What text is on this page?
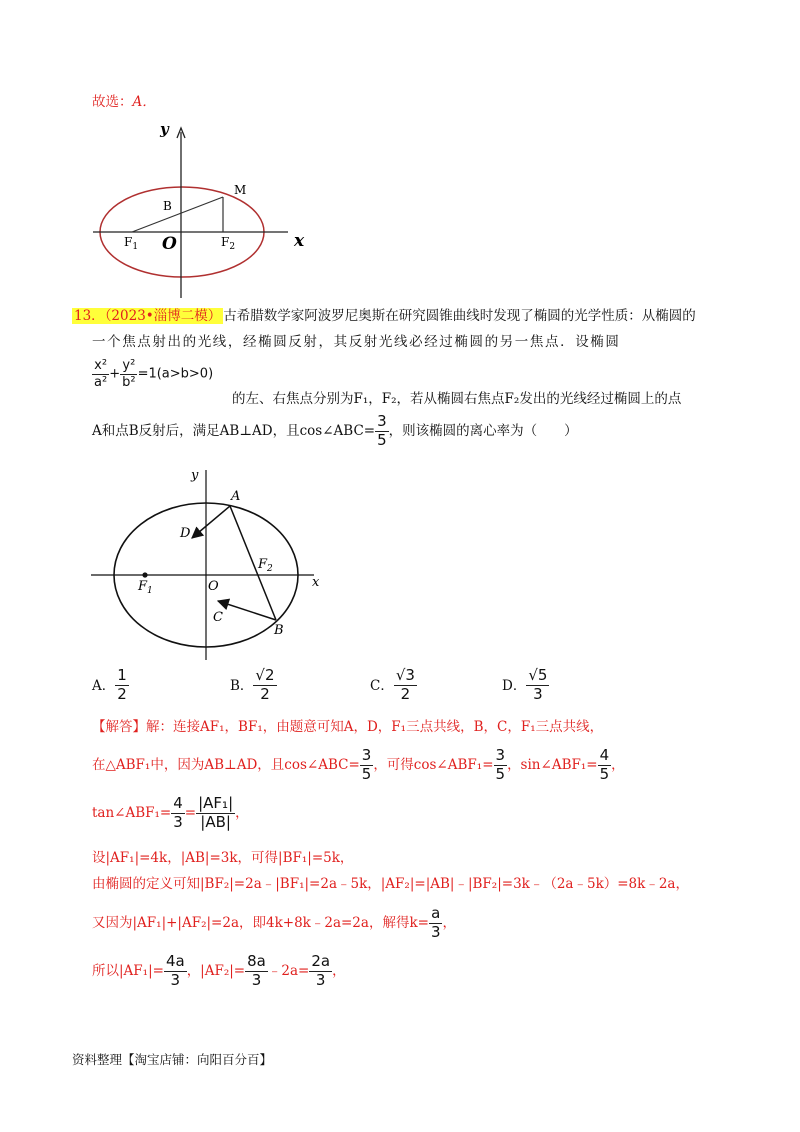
故选：A．
y
x
M
B
$F_1$ O	$F_2$
13．（2023•淄博二模） 古希腊数学家阿波罗尼奥斯在研究圆锥曲线时发现了椭圆的光学性质：从椭圆的
一个焦点射出的光线，经椭圆反射，其反射光线必经过椭圆的另一焦点．设椭圆
$\frac{\text{x²}}{\text{a²}} + \frac{\text{y²}}{\text{b²}} =1(a>b>0)$
的左、右焦点分别为F₁，F₂，若从椭圆右焦点F₂发出的光线经过椭圆上的点
A和点B反射后，满足AB⊥AD，且cos∠ABC= $\frac{3}{5}$ ，则该椭圆的离心率为（　　）
y
x
A
D
$F_2$
$F_1$	O
C
B
A． $\frac{1}{2}$	B． $\frac{√2}{2}$	C． $\frac{√3}{2}$	D． $\frac{√5}{3}$
【解答】解：连接AF₁，BF₁，由题意可知A，D，F₁三点共线，B，C，F₁三点共线，
在△ABF₁中，因为AB⊥AD，且cos∠ABC= $\frac{3}{5}$ ，可得cos∠ABF₁= $\frac{3}{5}$ ，sin∠ABF₁= $\frac{4}{5}$ ，
tan∠ABF₁= $\frac{4}{3} = \frac{\text{|AF₁|}}{|AB|}$ ，
设|AF₁|=4k，|AB|=3k，可得|BF₁|=5k，
由椭圆的定义可知|BF₂|=2a﹣|BF₁|=2a﹣5k，|AF₂|=|AB|﹣|BF₂|=3k﹣（2a﹣5k）=8k﹣2a，
又因为|AF₁|+|AF₂|=2a，即4k+8k﹣2a=2a，解得$k= \frac{a}{3}$ ，
所以$|AF_1|= \frac{4a}{3}$ ，$|AF_2|= \frac{8a}{3}$ ﹣2a= $\frac{2a}{3}$ ，
资料整理【淘宝店铺：向阳百分百】
